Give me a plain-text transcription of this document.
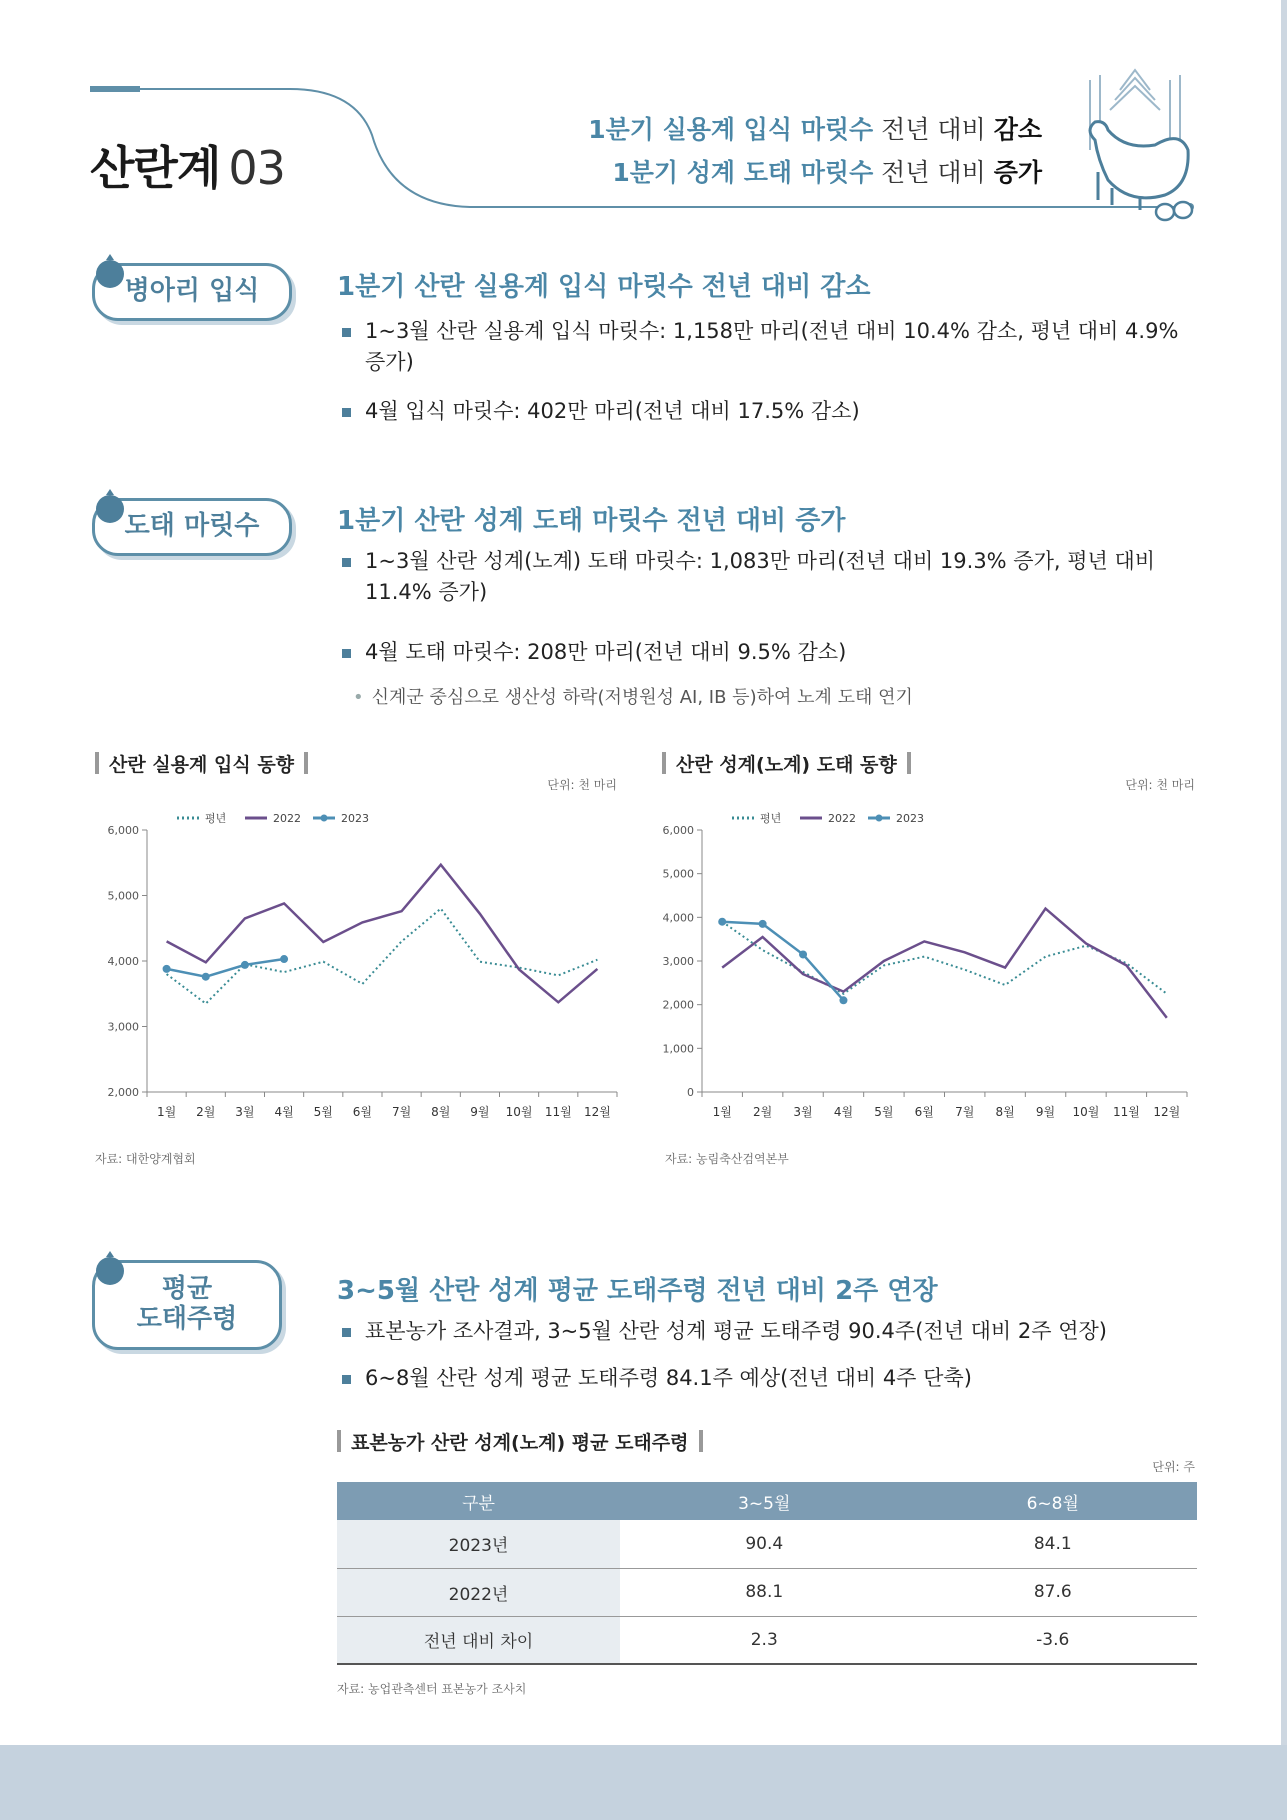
산란계 03
1분기 실용계 입식 마릿수 전년 대비 감소
1분기 성계 도태 마릿수 전년 대비 증가
병아리 입식	1분기 산란 실용계 입식 마릿수 전년 대비 감소
1~3월 산란 실용계 입식 마릿수: 1,158만 마리(전년 대비 10.4% 감소, 평년 대비 4.9% 증가)
4월 입식 마릿수: 402만 마리(전년 대비 17.5% 감소)
도태 마릿수	1분기 산란 성계 도태 마릿수 전년 대비 증가
1~3월 산란 성계(노계) 도태 마릿수: 1,083만 마리(전년 대비 19.3% 증가, 평년 대비 11.4% 증가)
4월 도태 마릿수: 208만 마리(전년 대비 9.5% 감소)
• 신계군 중심으로 생산성 하락(저병원성 AI, IB 등)하여 노계 도태 연기
산란 실용계 입식 동향
단위: 천 마리
2,000
3,000
4,000
5,000
6,000
1월 2월 3월 4월 5월 6월 7월 8월 9월 10월 11월 12월
평년	2022	2023
자료: 대한양계협회
산란 성계(노계) 도태 동향
단위: 천 마리
0
1,000
2,000
3,000
4,000
5,000
6,000
1월 2월 3월 4월 5월 6월 7월 8월 9월 10월 11월 12월
평년	2022	2023
자료: 농림축산검역본부
평균
도태주령
3~5월 산란 성계 평균 도태주령 전년 대비 2주 연장
표본농가 조사결과, 3~5월 산란 성계 평균 도태주령 90.4주(전년 대비 2주 연장)
6~8월 산란 성계 평균 도태주령 84.1주 예상(전년 대비 4주 단축)
표본농가 산란 성계(노계) 평균 도태주령
단위: 주
구분	3~5월	6~8월
2023년	90.4	84.1
2022년	88.1	87.6
전년 대비 차이	2.3	-3.6
자료: 농업관측센터 표본농가 조사치
